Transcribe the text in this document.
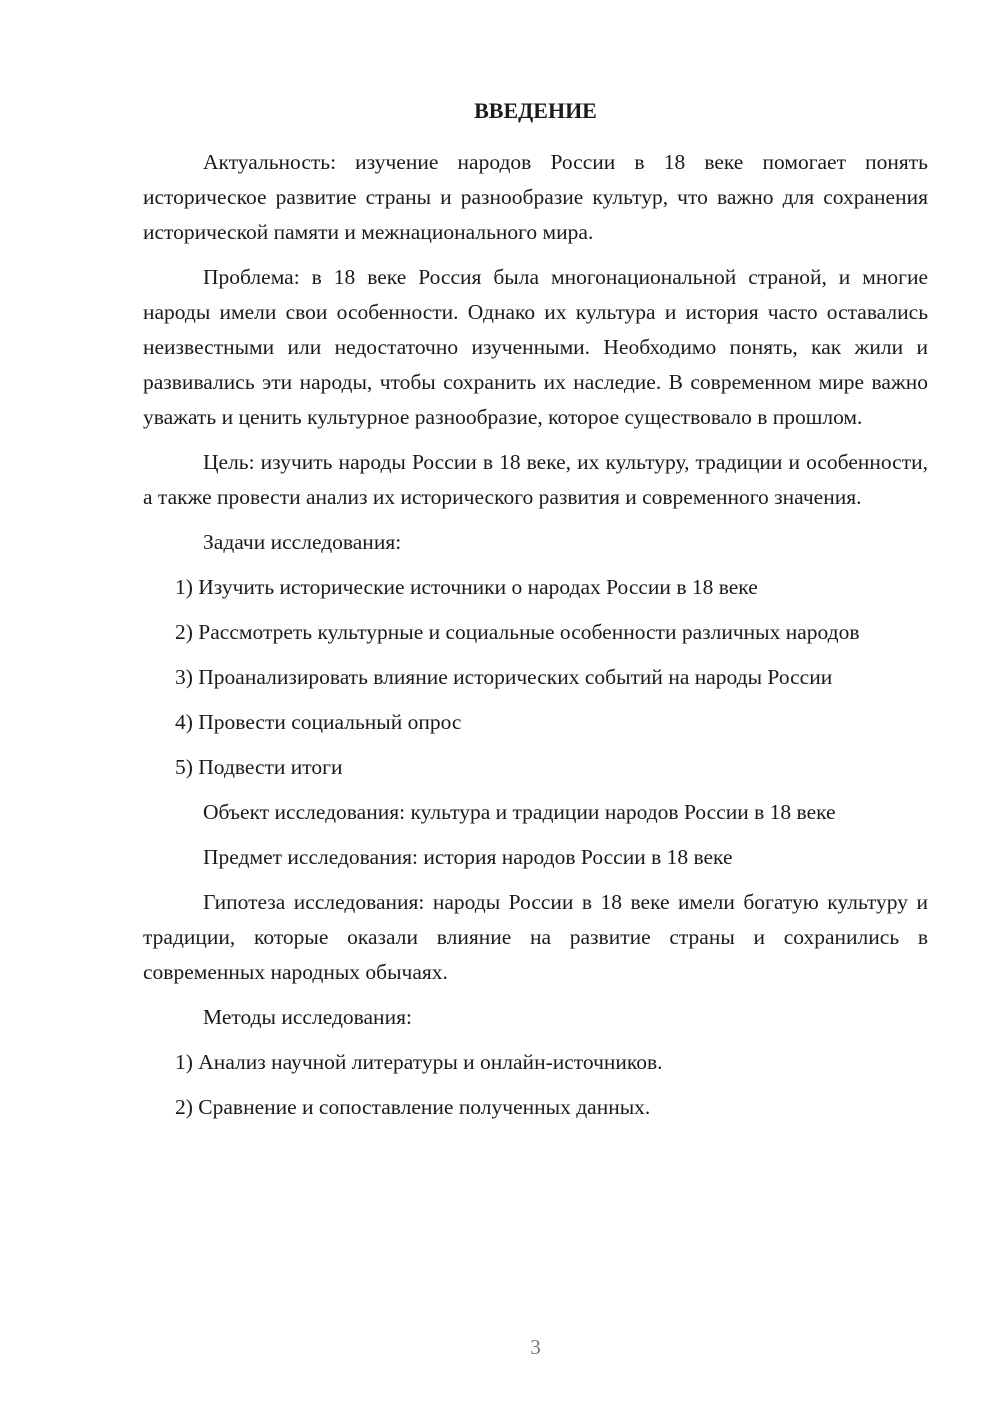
ВВЕДЕНИЕ

Актуальность: изучение народов России в 18 веке помогает понять историческое развитие страны и разнообразие культур, что важно для сохранения исторической памяти и межнационального мира.

Проблема: в 18 веке Россия была многонациональной страной, и многие народы имели свои особенности. Однако их культура и история часто оставались неизвестными или недостаточно изученными. Необходимо понять, как жили и развивались эти народы, чтобы сохранить их наследие. В современном мире важно уважать и ценить культурное разнообразие, которое существовало в прошлом.

Цель: изучить народы России в 18 веке, их культуру, традиции и особенности, а также провести анализ их исторического развития и современного значения.

Задачи исследования:

1) Изучить исторические источники о народах России в 18 веке

2) Рассмотреть культурные и социальные особенности различных народов

3) Проанализировать влияние исторических событий на народы России

4) Провести социальный опрос

5) Подвести итоги

Объект исследования: культура и традиции народов России в 18 веке

Предмет исследования: история народов России в 18 веке

Гипотеза исследования: народы России в 18 веке имели богатую культуру и традиции, которые оказали влияние на развитие страны и сохранились в современных народных обычаях.

Методы исследования:

1) Анализ научной литературы и онлайн-источников.

2) Сравнение и сопоставление полученных данных.

3
